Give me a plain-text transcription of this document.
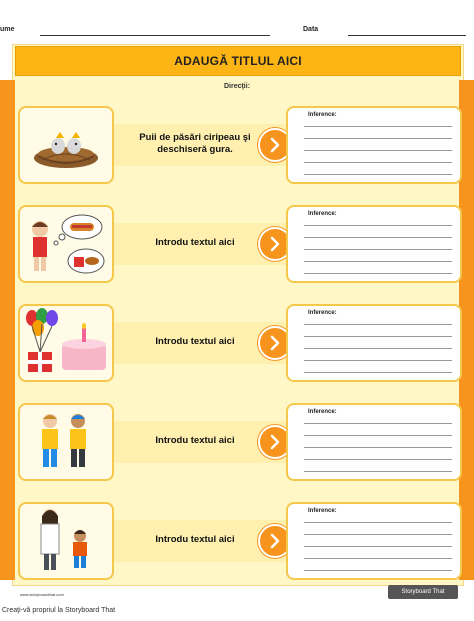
ume	Data
ADAUGĂ TITLUL AICI
Direcţii:
Puii de păsări ciripeau şi deschiseră gura.
Inference:
Introdu textul aici
Inference:
Introdu textul aici
Inference:
Introdu textul aici
Inference:
Introdu textul aici
Inference:
www.storyboardthat.com	Storyboard That
Creaţi-vă propriul la Storyboard That
